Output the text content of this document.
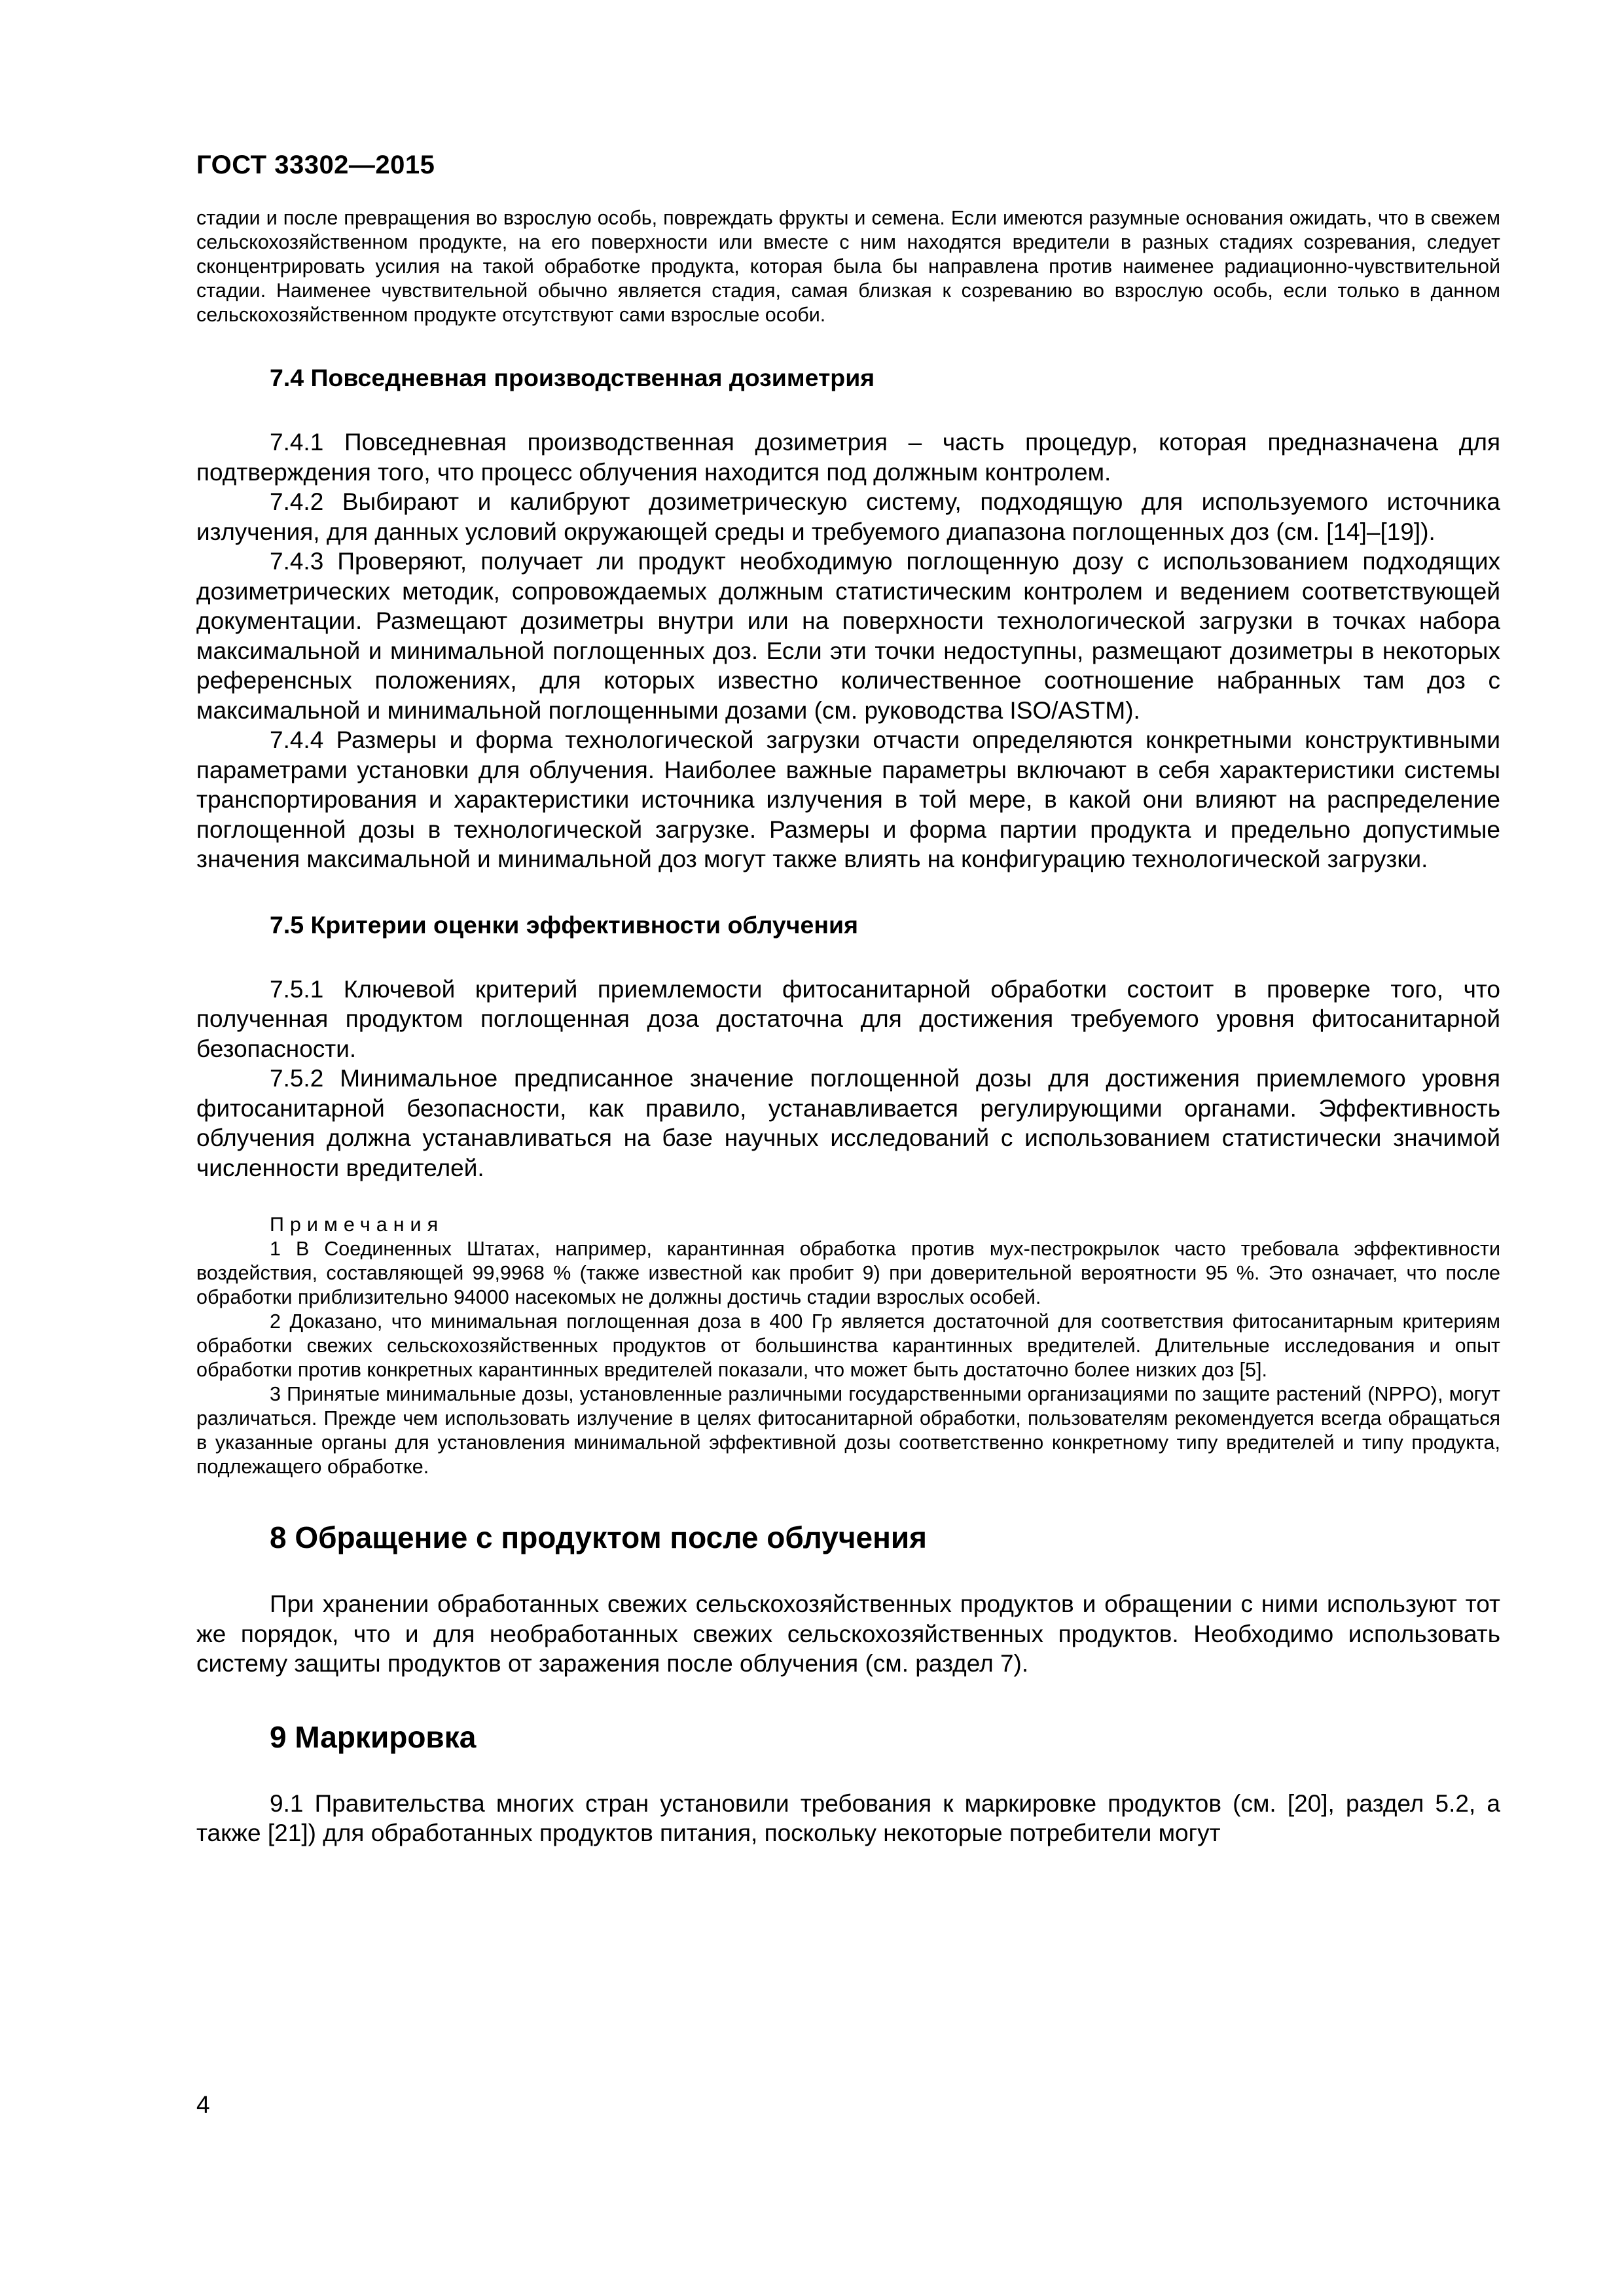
ГОСТ 33302—2015

стадии и после превращения во взрослую особь, повреждать фрукты и семена. Если имеются разумные основания ожидать, что в свежем сельскохозяйственном продукте, на его поверхности или вместе с ним находятся вредители в разных стадиях созревания, следует сконцентрировать усилия на такой обработке продукта, которая была бы направлена против наименее радиационно-чувствительной стадии. Наименее чувствительной обычно является стадия, самая близкая к созреванию во взрослую особь, если только в данном сельскохозяйственном продукте отсутствуют сами взрослые особи.

7.4 Повседневная производственная дозиметрия

7.4.1 Повседневная производственная дозиметрия – часть процедур, которая предназначена для подтверждения того, что процесс облучения находится под должным контролем.

7.4.2 Выбирают и калибруют дозиметрическую систему, подходящую для используемого источника излучения, для данных условий окружающей среды и требуемого диапазона поглощенных доз (см. [14]–[19]).

7.4.3 Проверяют, получает ли продукт необходимую поглощенную дозу с использованием подходящих дозиметрических методик, сопровождаемых должным статистическим контролем и ведением соответствующей документации. Размещают дозиметры внутри или на поверхности технологической загрузки в точках набора максимальной и минимальной поглощенных доз. Если эти точки недоступны, размещают дозиметры в некоторых референсных положениях, для которых известно количественное соотношение набранных там доз с максимальной и минимальной поглощенными дозами (см. руководства ISO/ASTM).

7.4.4 Размеры и форма технологической загрузки отчасти определяются конкретными конструктивными параметрами установки для облучения. Наиболее важные параметры включают в себя характеристики системы транспортирования и характеристики источника излучения в той мере, в какой они влияют на распределение поглощенной дозы в технологической загрузке. Размеры и форма партии продукта и предельно допустимые значения максимальной и минимальной доз могут также влиять на конфигурацию технологической загрузки.

7.5 Критерии оценки эффективности облучения

7.5.1 Ключевой критерий приемлемости фитосанитарной обработки состоит в проверке того, что полученная продуктом поглощенная доза достаточна для достижения требуемого уровня фитосанитарной безопасности.

7.5.2 Минимальное предписанное значение поглощенной дозы для достижения приемлемого уровня фитосанитарной безопасности, как правило, устанавливается регулирующими органами. Эффективность облучения должна устанавливаться на базе научных исследований с использованием статистически значимой численности вредителей.

Примечания

1 В Соединенных Штатах, например, карантинная обработка против мух-пестрокрылок часто требовала эффективности воздействия, составляющей 99,9968 % (также известной как пробит 9) при доверительной вероятности 95 %. Это означает, что после обработки приблизительно 94000 насекомых не должны достичь стадии взрослых особей.

2 Доказано, что минимальная поглощенная доза в 400 Гр является достаточной для соответствия фитосанитарным критериям обработки свежих сельскохозяйственных продуктов от большинства карантинных вредителей. Длительные исследования и опыт обработки против конкретных карантинных вредителей показали, что может быть достаточно более низких доз [5].

3 Принятые минимальные дозы, установленные различными государственными организациями по защите растений (NPPO), могут различаться. Прежде чем использовать излучение в целях фитосанитарной обработки, пользователям рекомендуется всегда обращаться в указанные органы для установления минимальной эффективной дозы соответственно конкретному типу вредителей и типу продукта, подлежащего обработке.

8 Обращение с продуктом после облучения

При хранении обработанных свежих сельскохозяйственных продуктов и обращении с ними используют тот же порядок, что и для необработанных свежих сельскохозяйственных продуктов. Необходимо использовать систему защиты продуктов от заражения после облучения (см. раздел 7).

9 Маркировка

9.1 Правительства многих стран установили требования к маркировке продуктов (см. [20], раздел 5.2, а также [21]) для обработанных продуктов питания, поскольку некоторые потребители могут

4
